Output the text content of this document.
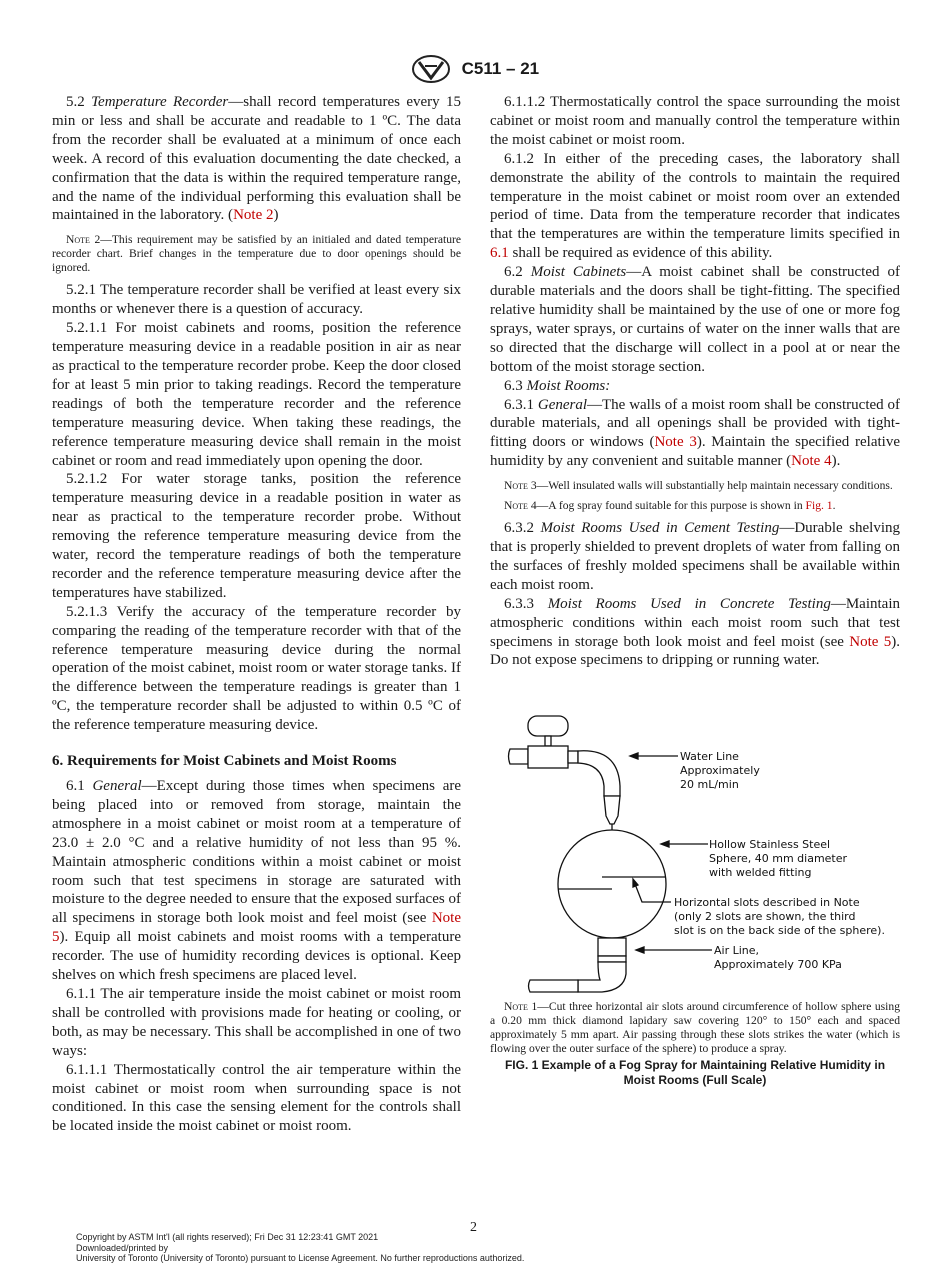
C511 – 21
5.2 Temperature Recorder—shall record temperatures every 15 min or less and shall be accurate and readable to 1 ºC. The data from the recorder shall be evaluated at a minimum of once each week. A record of this evaluation documenting the date checked, a confirmation that the data is within the required temperature range, and the name of the individual performing this evaluation shall be maintained in the laboratory. (Note 2)
Note 2—This requirement may be satisfied by an initialed and dated temperature recorder chart. Brief changes in the temperature due to door openings should be ignored.
5.2.1 The temperature recorder shall be verified at least every six months or whenever there is a question of accuracy.
5.2.1.1 For moist cabinets and rooms, position the reference temperature measuring device in a readable position in air as near as practical to the temperature recorder probe. Keep the door closed for at least 5 min prior to taking readings. Record the temperature readings of both the temperature recorder and the reference temperature measuring device. When taking these readings, the reference temperature measuring device shall remain in the moist cabinet or room and read immediately upon opening the door.
5.2.1.2 For water storage tanks, position the reference temperature measuring device in a readable position in water as near as practical to the temperature recorder probe. Without removing the reference temperature measuring device from the water, record the temperature readings of both the temperature recorder and the reference temperature measuring device after the temperatures have stabilized.
5.2.1.3 Verify the accuracy of the temperature recorder by comparing the reading of the temperature recorder with that of the reference temperature measuring device during the normal operation of the moist cabinet, moist room or water storage tanks. If the difference between the temperature readings is greater than 1 ºC, the temperature recorder shall be adjusted to within 0.5 ºC of the reference temperature measuring device.
6. Requirements for Moist Cabinets and Moist Rooms
6.1 General—Except during those times when specimens are being placed into or removed from storage, maintain the atmosphere in a moist cabinet or moist room at a temperature of 23.0 ± 2.0 °C and a relative humidity of not less than 95 %. Maintain atmospheric conditions within a moist cabinet or moist room such that test specimens in storage are saturated with moisture to the degree needed to ensure that the exposed surfaces of all specimens in storage both look moist and feel moist (see Note 5). Equip all moist cabinets and moist rooms with a temperature recorder. The use of humidity recording devices is optional. Keep shelves on which fresh specimens are placed level.
6.1.1 The air temperature inside the moist cabinet or moist room shall be controlled with provisions made for heating or cooling, or both, as may be necessary. This shall be accomplished in one of two ways:
6.1.1.1 Thermostatically control the air temperature within the moist cabinet or moist room when surrounding space is not conditioned. In this case the sensing element for the controls shall be located inside the moist cabinet or moist room.
6.1.1.2 Thermostatically control the space surrounding the moist cabinet or moist room and manually control the temperature within the moist cabinet or moist room.
6.1.2 In either of the preceding cases, the laboratory shall demonstrate the ability of the controls to maintain the required temperature in the moist cabinet or moist room over an extended period of time. Data from the temperature recorder that indicates that the temperatures are within the temperature limits specified in 6.1 shall be required as evidence of this ability.
6.2 Moist Cabinets—A moist cabinet shall be constructed of durable materials and the doors shall be tight-fitting. The specified relative humidity shall be maintained by the use of one or more fog sprays, water sprays, or curtains of water on the inner walls that are so directed that the discharge will collect in a pool at or near the bottom of the moist storage section.
6.3 Moist Rooms:
6.3.1 General—The walls of a moist room shall be constructed of durable materials, and all openings shall be provided with tight-fitting doors or windows (Note 3). Maintain the specified relative humidity by any convenient and suitable manner (Note 4).
Note 3—Well insulated walls will substantially help maintain necessary conditions.
Note 4—A fog spray found suitable for this purpose is shown in Fig. 1.
6.3.2 Moist Rooms Used in Cement Testing—Durable shelving that is properly shielded to prevent droplets of water from falling on the surfaces of freshly molded specimens shall be available within each moist room.
6.3.3 Moist Rooms Used in Concrete Testing—Maintain atmospheric conditions within each moist room such that test specimens in storage both look moist and feel moist (see Note 5). Do not expose specimens to dripping or running water.
Water Line
Approximately
20 mL/min
Hollow Stainless Steel
Sphere, 40 mm diameter
with welded fitting
Horizontal slots described in Note
(only 2 slots are shown, the third
slot is on the back side of the sphere).
Air Line,
Approximately 700 KPa
Note 1—Cut three horizontal air slots around circumference of hollow sphere using a 0.20 mm thick diamond lapidary saw covering 120° to 150° each and spaced approximately 5 mm apart. Air passing through these slots strikes the water (which is flowing over the outer surface of the sphere) to produce a spray.
FIG. 1 Example of a Fog Spray for Maintaining Relative Humidity in Moist Rooms (Full Scale)
2
Copyright by ASTM Int'l (all rights reserved); Fri Dec 31 12:23:41 GMT 2021
Downloaded/printed by
University of Toronto (University of Toronto) pursuant to License Agreement. No further reproductions authorized.
